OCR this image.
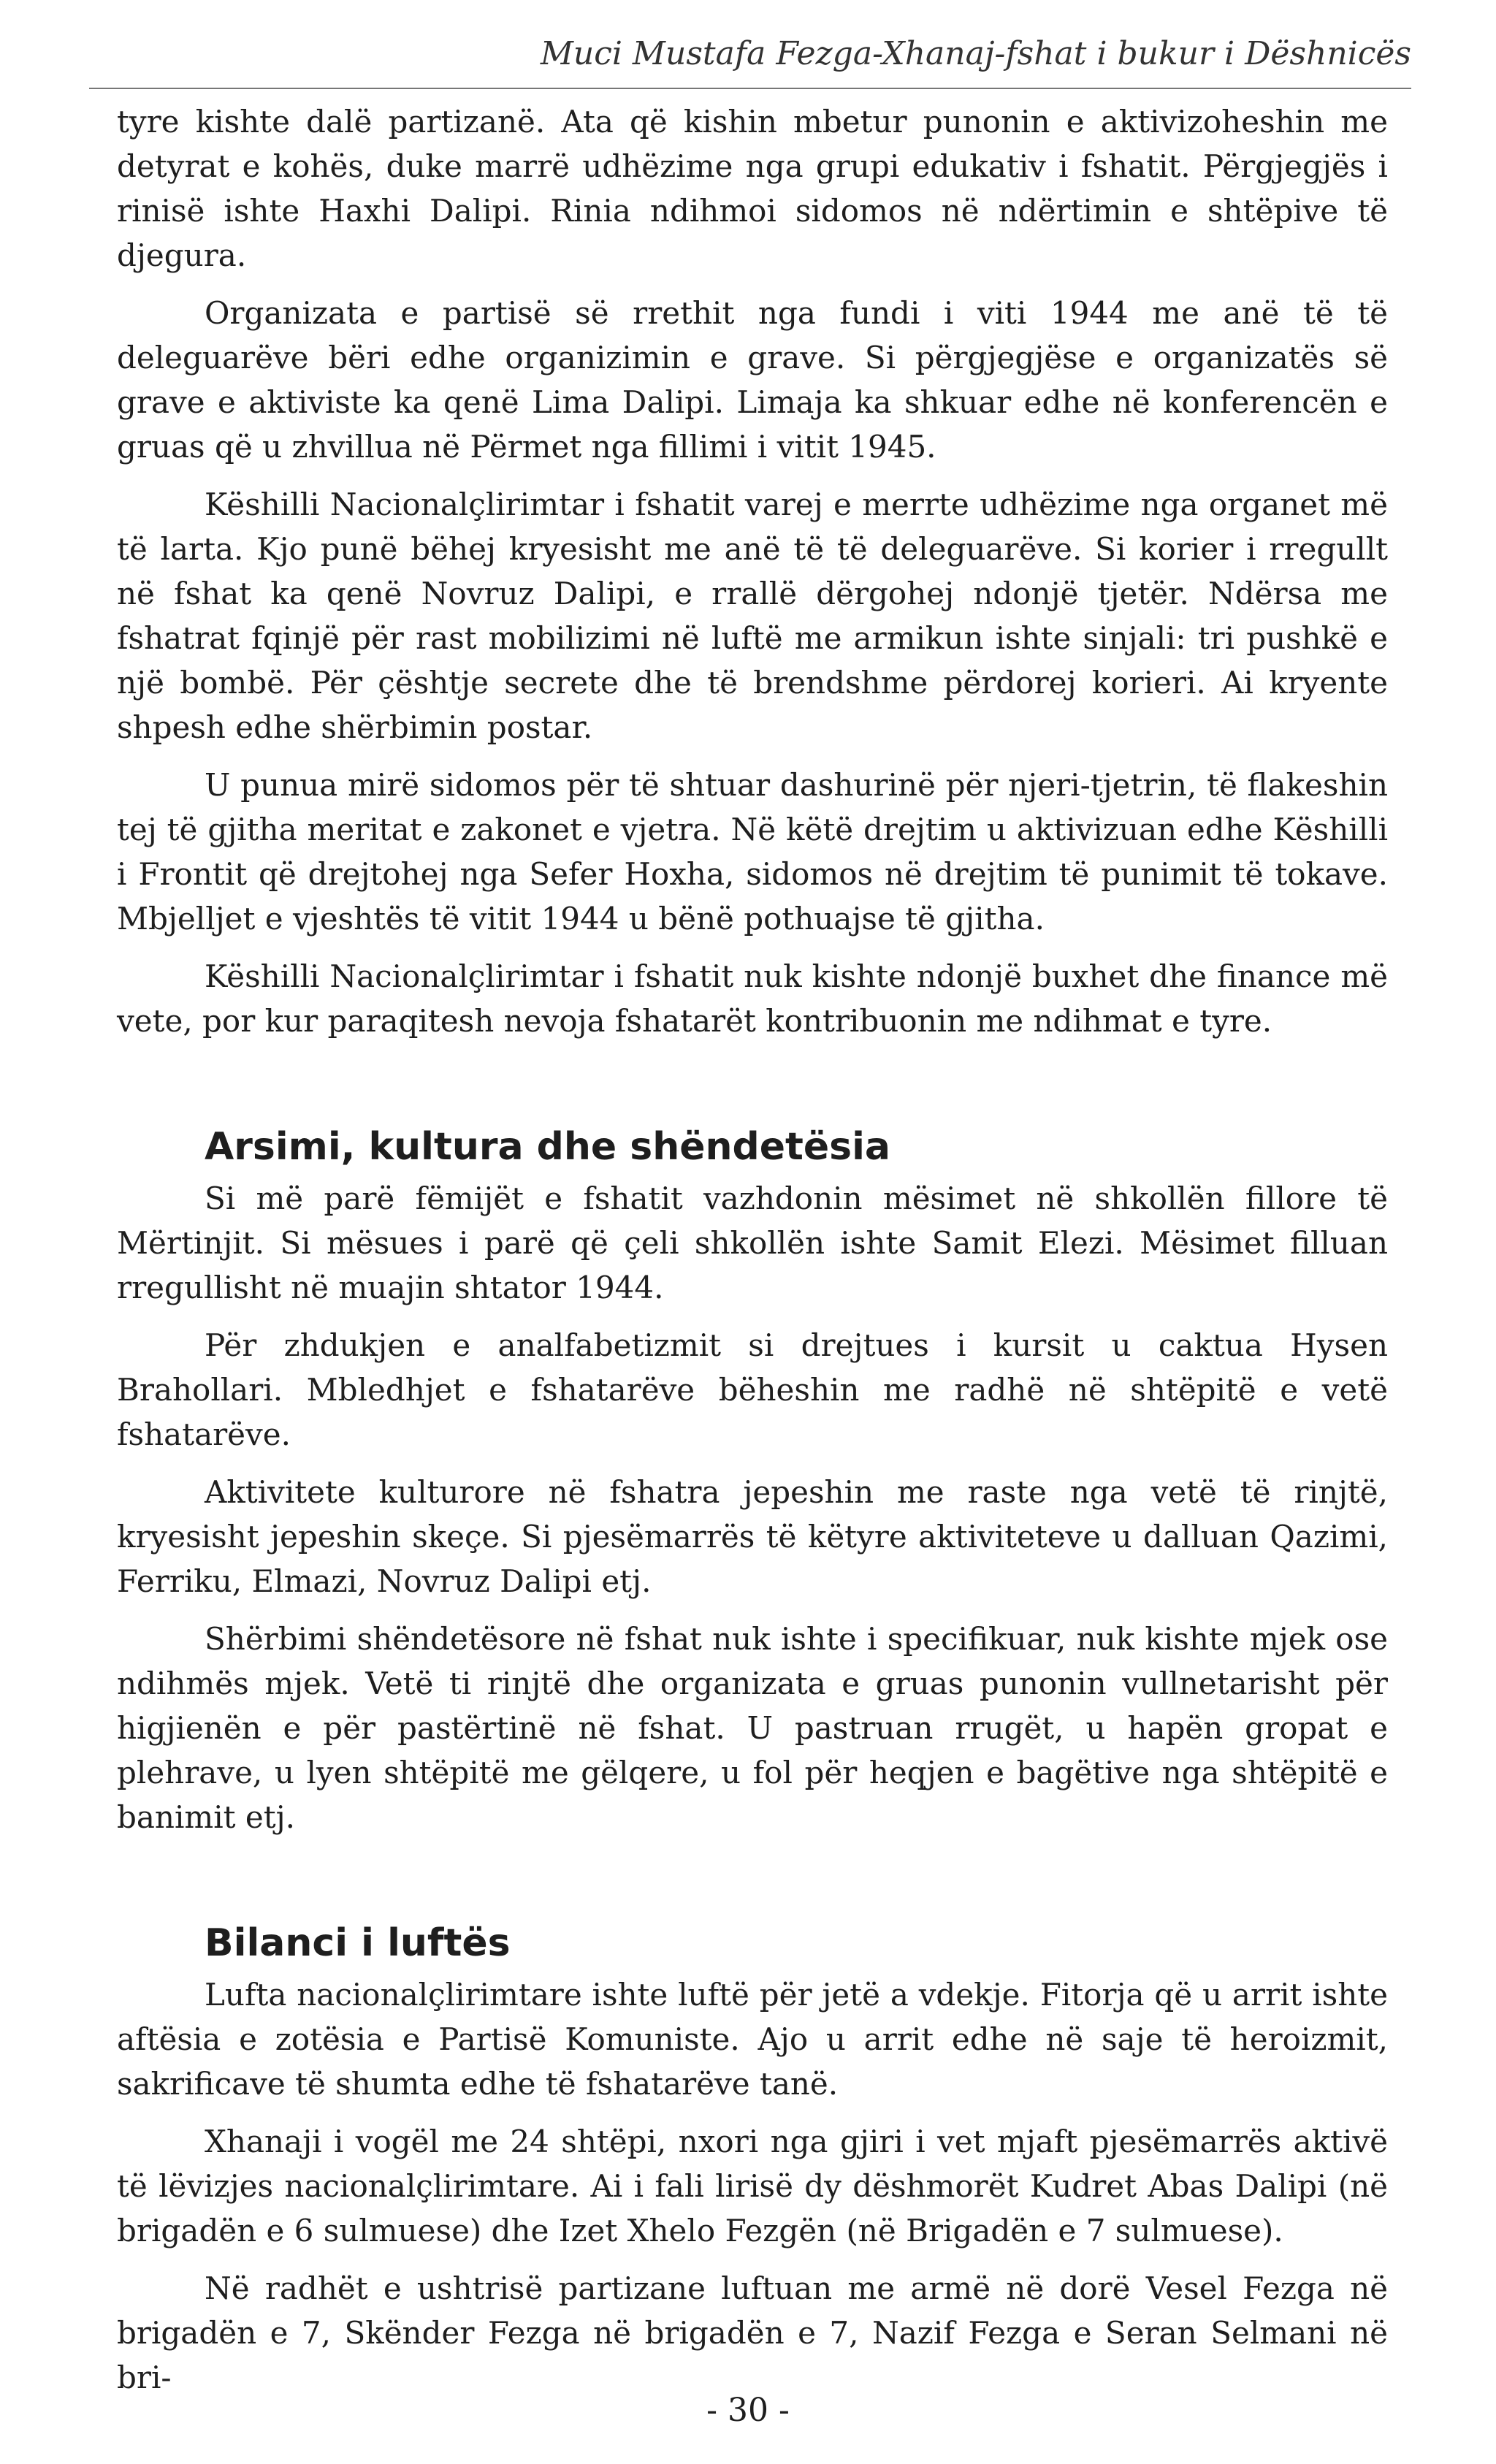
Muci Mustafa Fezga-Xhanaj-fshat i bukur i Dëshnicës

tyre kishte dalë partizanë. Ata që kishin mbetur punonin e aktivizoheshin me detyrat e kohës, duke marrë udhëzime nga grupi edukativ i fshatit. Përgjegjës i rinisë ishte Haxhi Dalipi. Rinia ndihmoi sidomos në ndërtimin e shtëpive të djegura.

Organizata e partisë së rrethit nga fundi i viti 1944 me anë të të deleguarëve bëri edhe organizimin e grave. Si përgjegjëse e organizatës së grave e aktiviste ka qenë Lima Dalipi. Limaja ka shkuar edhe në konferencën e gruas që u zhvillua në Përmet nga fillimi i vitit 1945.

Këshilli Nacionalçlirimtar i fshatit varej e merrte udhëzime nga organet më të larta. Kjo punë bëhej kryesisht me anë të të deleguarëve. Si korier i rregullt në fshat ka qenë Novruz Dalipi, e rrallë dërgohej ndonjë tjetër. Ndërsa me fshatrat fqinjë për rast mobilizimi në luftë me armikun ishte sinjali: tri pushkë e një bombë. Për çështje secrete dhe të brendshme përdorej korieri. Ai kryente shpesh edhe shërbimin postar.

U punua mirë sidomos për të shtuar dashurinë për njeri-tjetrin, të flakeshin tej të gjitha meritat e zakonet e vjetra. Në këtë drejtim u aktivizuan edhe Këshilli i Frontit që drejtohej nga Sefer Hoxha, sidomos në drejtim të punimit të tokave. Mbjelljet e vjeshtës të vitit 1944 u bënë pothuajse të gjitha.

Këshilli Nacionalçlirimtar i fshatit nuk kishte ndonjë buxhet dhe finance më vete, por kur paraqitesh nevoja fshatarët kontribuonin me ndihmat e tyre.

Arsimi, kultura dhe shëndetësia

Si më parë fëmijët e fshatit vazhdonin mësimet në shkollën fillore të Mërtinjit. Si mësues i parë që çeli shkollën ishte Samit Elezi. Mësimet filluan rregullisht në muajin shtator 1944.

Për zhdukjen e analfabetizmit si drejtues i kursit u caktua Hysen Brahollari. Mbledhjet e fshatarëve bëheshin me radhë në shtëpitë e vetë fshatarëve.

Aktivitete kulturore në fshatra jepeshin me raste nga vetë të rinjtë, kryesisht jepeshin skeçe. Si pjesëmarrës të këtyre aktiviteteve u dalluan Qazimi, Ferriku, Elmazi, Novruz Dalipi etj.

Shërbimi shëndetësore në fshat nuk ishte i specifikuar, nuk kishte mjek ose ndihmës mjek. Vetë ti rinjtë dhe organizata e gruas punonin vullnetarisht për higjienën e për pastërtinë në fshat. U pastruan rrugët, u hapën gropat e plehrave, u lyen shtëpitë me gëlqere, u fol për heqjen e bagëtive nga shtëpitë e banimit etj.

Bilanci i luftës

Lufta nacionalçlirimtare ishte luftë për jetë a vdekje. Fitorja që u arrit ishte aftësia e zotësia e Partisë Komuniste. Ajo u arrit edhe në saje të heroizmit, sakrificave të shumta edhe të fshatarëve tanë.

Xhanaji i vogël me 24 shtëpi, nxori nga gjiri i vet mjaft pjesëmarrës aktivë të lëvizjes nacionalçlirimtare. Ai i fali lirisë dy dëshmorët Kudret Abas Dalipi (në brigadën e 6 sulmuese) dhe Izet Xhelo Fezgën (në Brigadën e 7 sulmuese).

Në radhët e ushtrisë partizane luftuan me armë në dorë Vesel Fezga në brigadën e 7, Skënder Fezga në brigadën e 7, Nazif Fezga e Seran Selmani në bri-

- 30 -
